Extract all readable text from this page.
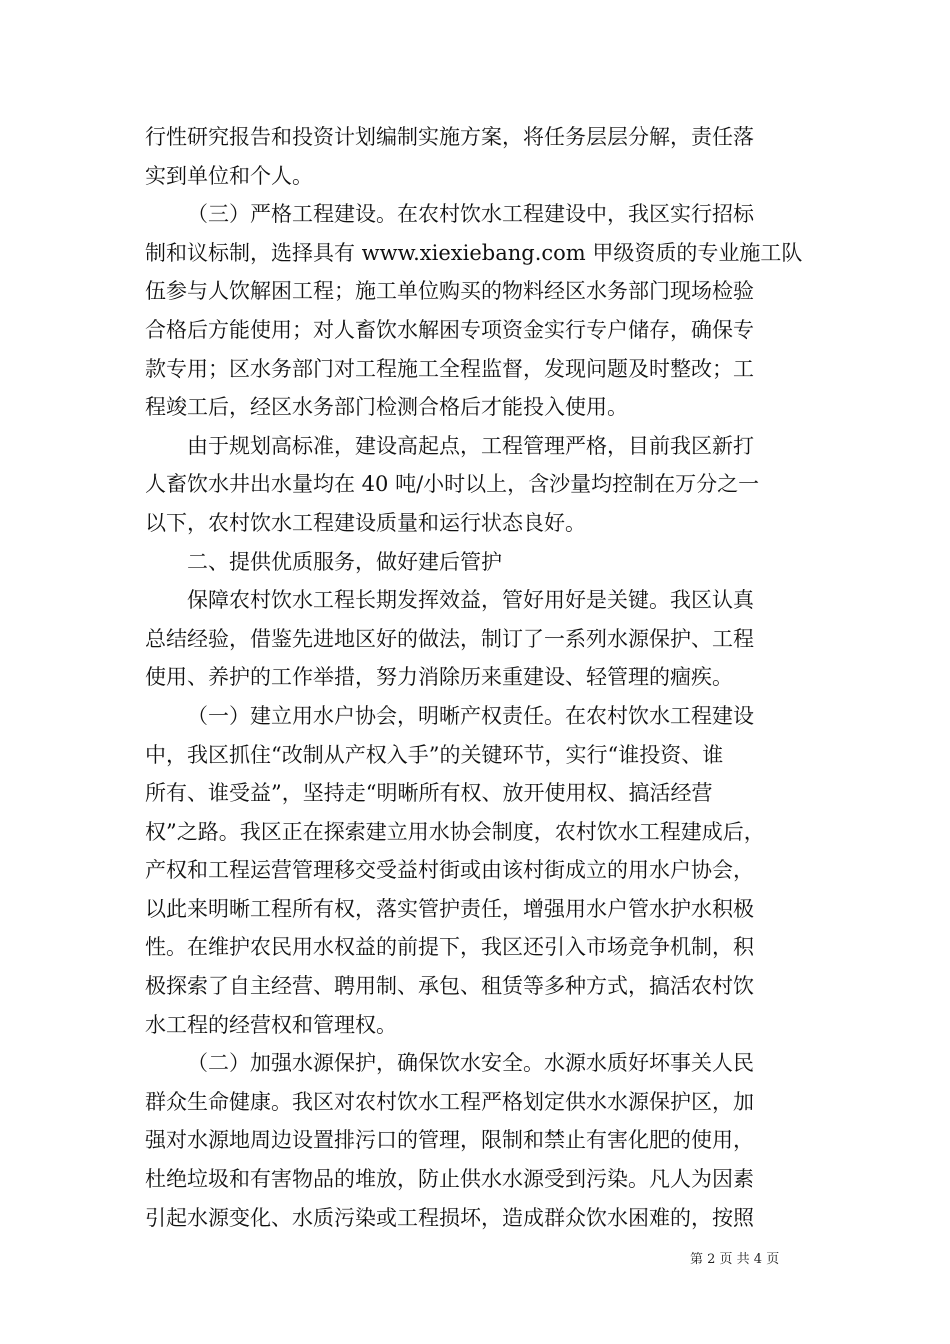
行性研究报告和投资计划编制实施方案，将任务层层分解，责任落
实到单位和个人。
（三）严格工程建设。在农村饮水工程建设中，我区实行招标
制和议标制，选择具有 www.xiexiebang.com 甲级资质的专业施工队
伍参与人饮解困工程；施工单位购买的物料经区水务部门现场检验
合格后方能使用；对人畜饮水解困专项资金实行专户储存，确保专
款专用；区水务部门对工程施工全程监督，发现问题及时整改；工
程竣工后，经区水务部门检测合格后才能投入使用。
由于规划高标准，建设高起点，工程管理严格，目前我区新打
人畜饮水井出水量均在 40 吨/小时以上，含沙量均控制在万分之一
以下，农村饮水工程建设质量和运行状态良好。
二、提供优质服务，做好建后管护
保障农村饮水工程长期发挥效益，管好用好是关键。我区认真
总结经验，借鉴先进地区好的做法，制订了一系列水源保护、工程
使用、养护的工作举措，努力消除历来重建设、轻管理的痼疾。
（一）建立用水户协会，明晰产权责任。在农村饮水工程建设
中，我区抓住“改制从产权入手”的关键环节，实行“谁投资、谁
所有、谁受益”，坚持走“明晰所有权、放开使用权、搞活经营
权”之路。我区正在探索建立用水协会制度，农村饮水工程建成后，
产权和工程运营管理移交受益村街或由该村街成立的用水户协会，
以此来明晰工程所有权，落实管护责任，增强用水户管水护水积极
性。在维护农民用水权益的前提下，我区还引入市场竞争机制，积
极探索了自主经营、聘用制、承包、租赁等多种方式，搞活农村饮
水工程的经营权和管理权。
（二）加强水源保护，确保饮水安全。水源水质好坏事关人民
群众生命健康。我区对农村饮水工程严格划定供水水源保护区，加
强对水源地周边设置排污口的管理，限制和禁止有害化肥的使用，
杜绝垃圾和有害物品的堆放，防止供水水源受到污染。凡人为因素
引起水源变化、水质污染或工程损坏，造成群众饮水困难的，按照
第 2 页 共 4 页
